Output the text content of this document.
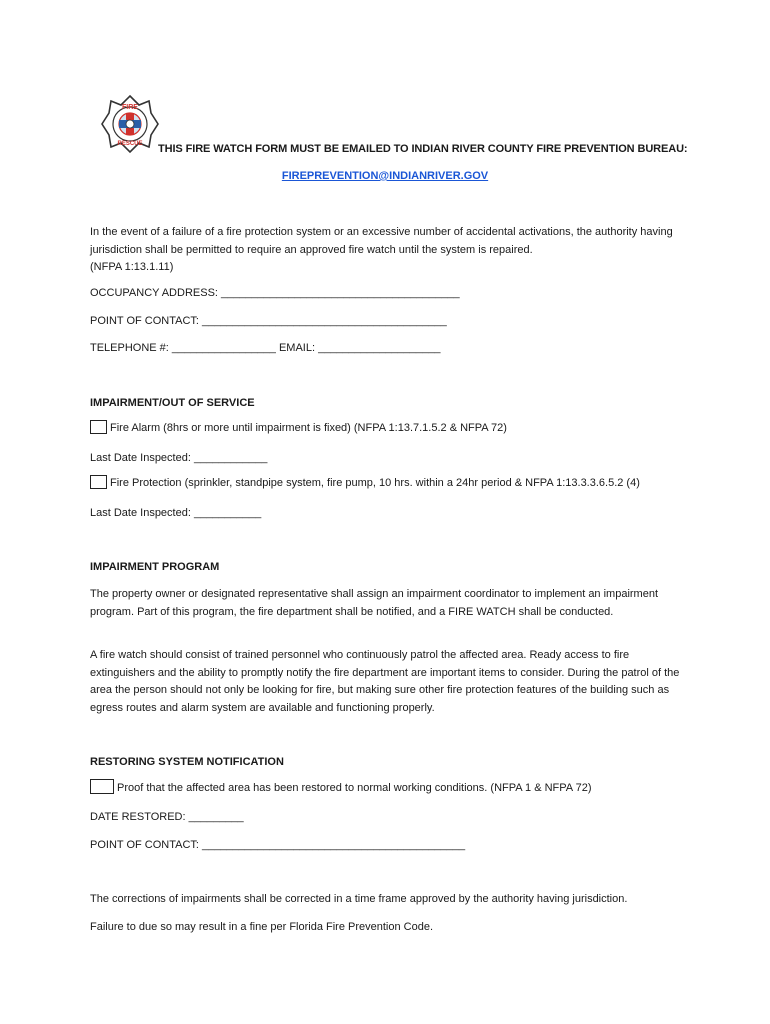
FIRE
RESCUE THIS FIRE WATCH FORM MUST BE EMAILED TO INDIAN RIVER COUNTY FIRE PREVENTION BUREAU:
FIREPREVENTION@INDIANRIVER.GOV
In the event of a failure of a fire protection system or an excessive number of accidental activations, the authority having jurisdiction shall be permitted to require an approved fire watch until the system is repaired.
(NFPA 1:13.1.11)
OCCUPANCY ADDRESS: _______________________________________
POINT OF CONTACT: ________________________________________
TELEPHONE #: _________________ EMAIL: ____________________
IMPAIRMENT/OUT OF SERVICE
Fire Alarm (8hrs or more until impairment is fixed) (NFPA 1:13.7.1.5.2 & NFPA 72)
Last Date Inspected: ____________
Fire Protection (sprinkler, standpipe system, fire pump, 10 hrs. within a 24hr period & NFPA 1:13.3.3.6.5.2 (4)
Last Date Inspected: ___________
IMPAIRMENT PROGRAM
The property owner or designated representative shall assign an impairment coordinator to implement an impairment program. Part of this program, the fire department shall be notified, and a FIRE WATCH shall be conducted.
A fire watch should consist of trained personnel who continuously patrol the affected area. Ready access to fire extinguishers and the ability to promptly notify the fire department are important items to consider. During the patrol of the area the person should not only be looking for fire, but making sure other fire protection features of the building such as egress routes and alarm system are available and functioning properly.
RESTORING SYSTEM NOTIFICATION
Proof that the affected area has been restored to normal working conditions. (NFPA 1 & NFPA 72)
DATE RESTORED: _________
POINT OF CONTACT: ___________________________________________
The corrections of impairments shall be corrected in a time frame approved by the authority having jurisdiction.
Failure to due so may result in a fine per Florida Fire Prevention Code.
